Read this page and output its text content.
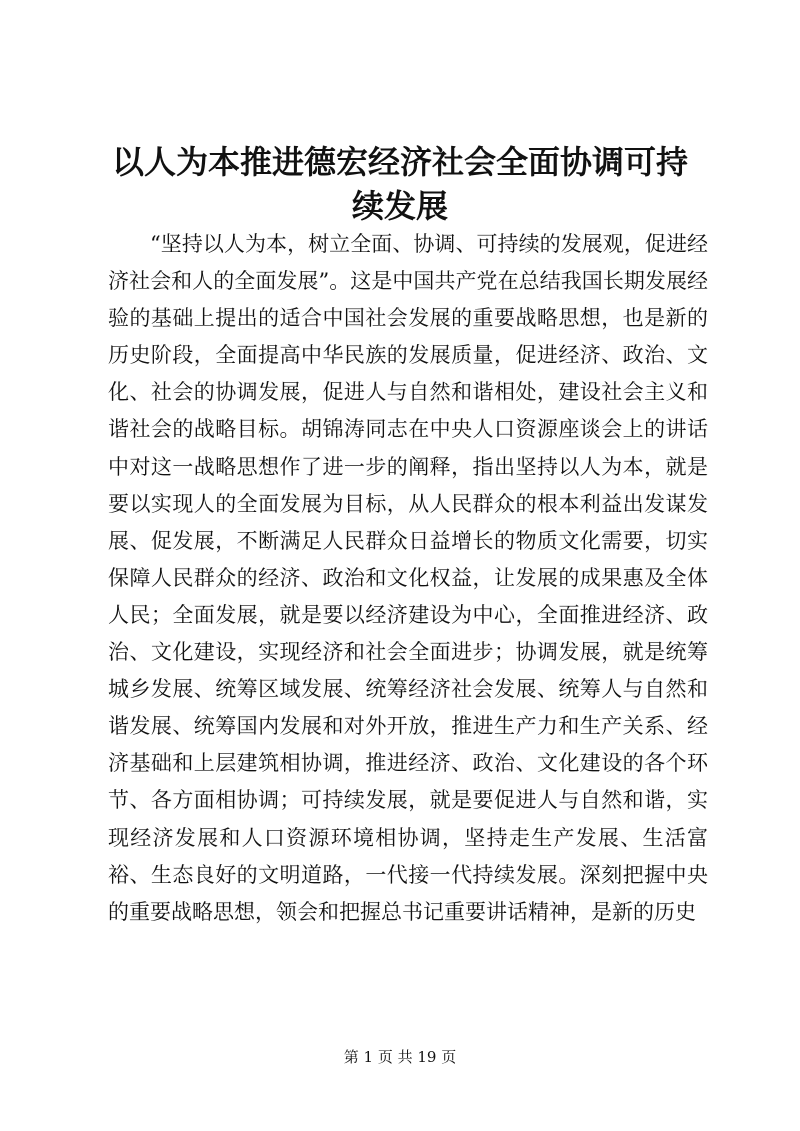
以人为本推进德宏经济社会全面协调可持续发展

“坚持以人为本，树立全面、协调、可持续的发展观，促进经济社会和人的全面发展”。这是中国共产党在总结我国长期发展经验的基础上提出的适合中国社会发展的重要战略思想，也是新的历史阶段，全面提高中华民族的发展质量，促进经济、政治、文化、社会的协调发展，促进人与自然和谐相处，建设社会主义和谐社会的战略目标。胡锦涛同志在中央人口资源座谈会上的讲话中对这一战略思想作了进一步的阐释，指出坚持以人为本，就是要以实现人的全面发展为目标，从人民群众的根本利益出发谋发展、促发展，不断满足人民群众日益增长的物质文化需要，切实保障人民群众的经济、政治和文化权益，让发展的成果惠及全体人民；全面发展，就是要以经济建设为中心，全面推进经济、政治、文化建设，实现经济和社会全面进步；协调发展，就是统筹城乡发展、统筹区域发展、统筹经济社会发展、统筹人与自然和谐发展、统筹国内发展和对外开放，推进生产力和生产关系、经济基础和上层建筑相协调，推进经济、政治、文化建设的各个环节、各方面相协调；可持续发展，就是要促进人与自然和谐，实现经济发展和人口资源环境相协调，坚持走生产发展、生活富裕、生态良好的文明道路，一代接一代持续发展。深刻把握中央的重要战略思想，领会和把握总书记重要讲话精神，是新的历史

第 1 页 共 19 页
